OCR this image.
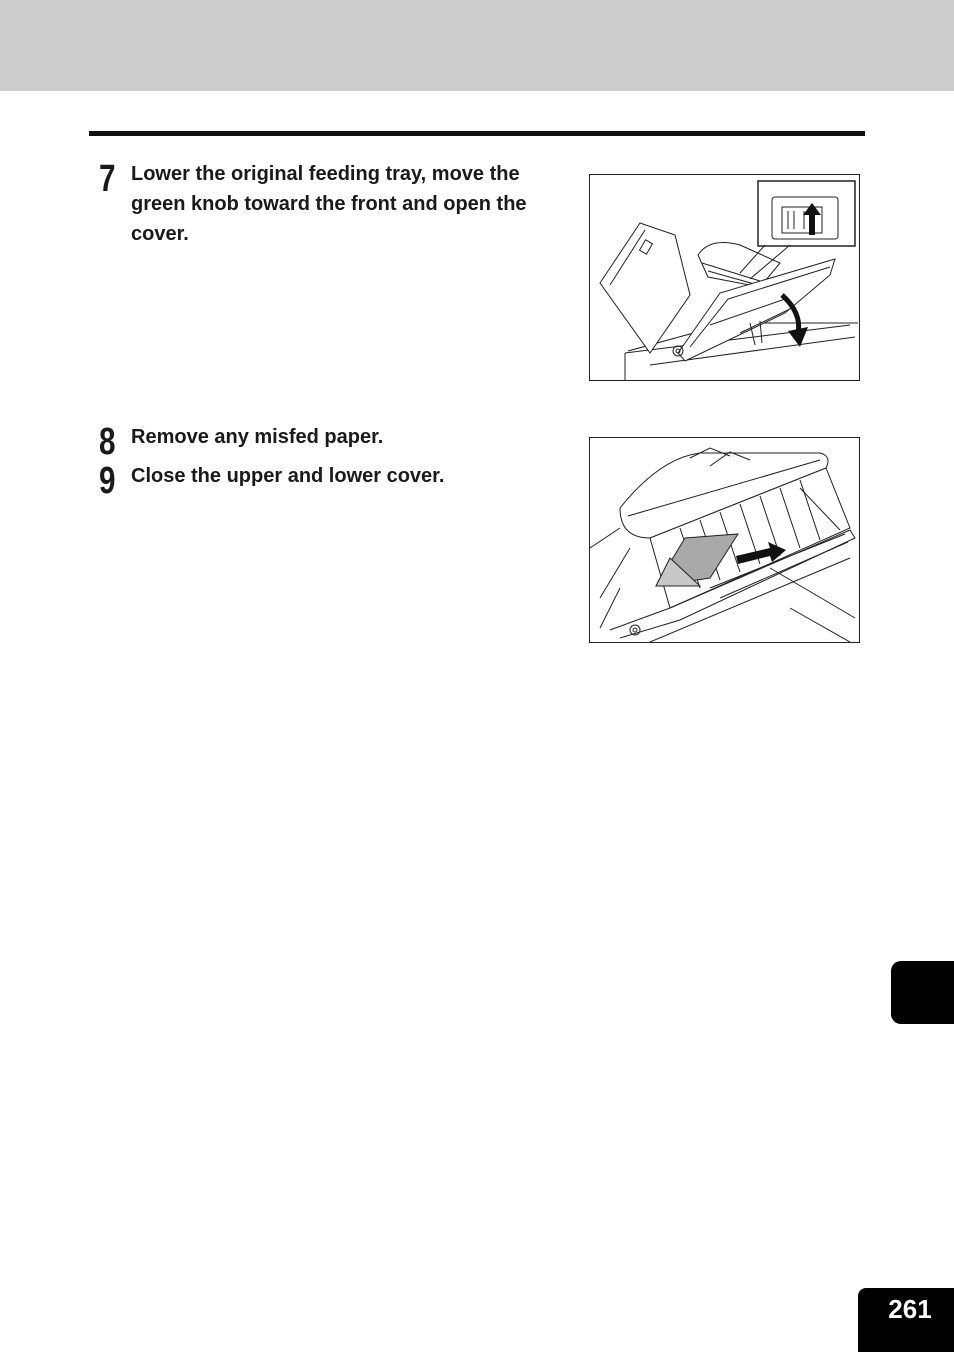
7 Lower the original feeding tray, move the green knob toward the front and open the cover.
8 Remove any misfed paper.
9 Close the upper and lower cover.
261
